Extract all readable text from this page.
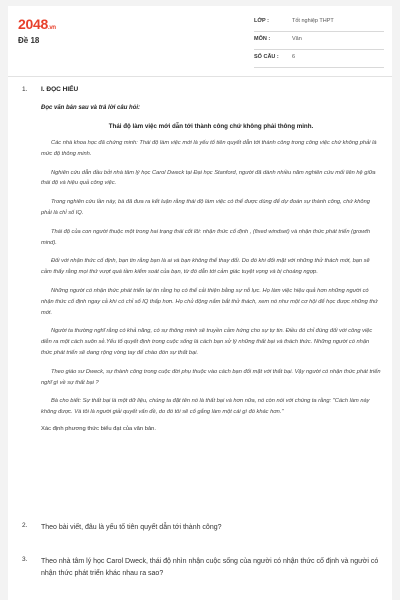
2048.vn
Đề 18
LỚP :	Tốt nghiệp THPT
MÔN :	Văn
SỐ CÂU : 6
1. I. ĐỌC HIỂU
Đọc văn bản sau và trả lời câu hỏi:
Thái độ làm việc mới dẫn tới thành công chứ không phải thông minh.
Các nhà khoa học đã chứng minh: Thái độ làm việc mới là yếu tố tiên quyết dẫn tới thành công trong công việc chứ không phải là mức độ thông minh.
Nghiên cứu dẫn đầu bởi nhà tâm lý học Carol Dweck tại Đại học Stanford, người đã dành nhiều năm nghiên cứu mối liên hệ giữa thái độ và hiệu quả công việc.
Trong nghiên cứu lần này, bà đã đưa ra kết luận rằng thái độ làm việc có thể được dùng để dự đoán sự thành công, chứ không phải là chỉ số IQ.
Thái độ của con người thuộc một trong hai trạng thái cốt lõi: nhận thức cố định , (fixed windset) và nhận thức phát triển (growth mind).
Đối với nhận thức cố định, bạn tin rằng bạn là ai và bạn không thể thay đổi. Do đó khi đối mặt với những thử thách mới, bạn sẽ cảm thấy rằng mọi thứ vượt quá tầm kiểm soát của bạn, từ đó dẫn tới cảm giác tuyệt vọng và bị choáng ngợp.
Những người có nhận thức phát triển lại tin rằng họ có thể cải thiện bằng sự nỗ lực. Họ làm việc hiệu quả hơn những người có nhận thức cố định ngay cả khi có chỉ số IQ thấp hơn. Họ chủ động nắm bắt thử thách, xem nó như một cơ hội để học được những thứ mới.
Người ta thường nghĩ rằng có khả năng, có sự thông minh sẽ truyền cảm hứng cho sự tự tin. Điều đó chỉ đúng đối với công việc diễn ra một cách suôn sẻ.Yếu tố quyết định trong cuộc sống là cách bạn xử lý những thất bại và thách thức. Những người có nhận thức phát triển sẽ dang rộng vòng tay để chào đón sự thất bại.
Theo giáo sư Dweck, sự thành công trong cuộc đời phụ thuộc vào cách bạn đối mặt với thất bại. Vậy người có nhận thức phát triển nghĩ gì về sự thất bại ?
Bà cho biết: Sự thất bại là một dữ liệu, chúng ta đặt tên nó là thất bại và hơn nữa, nó còn nói với chúng ta rằng: "Cách làm này không được. Và tôi là người giải quyết vấn đề, do đó tôi sẽ cố gắng làm một cái gì đó khác hơn."
Xác định phương thức biểu đạt của văn bản.
2. Theo bài viết, đâu là yếu tố tiên quyết dẫn tới thành công?
3. Theo nhà tâm lý học Carol Dweck, thái độ nhìn nhận cuộc sống của người có nhận thức cố định và người có nhận thức phát triển khác nhau ra sao?
